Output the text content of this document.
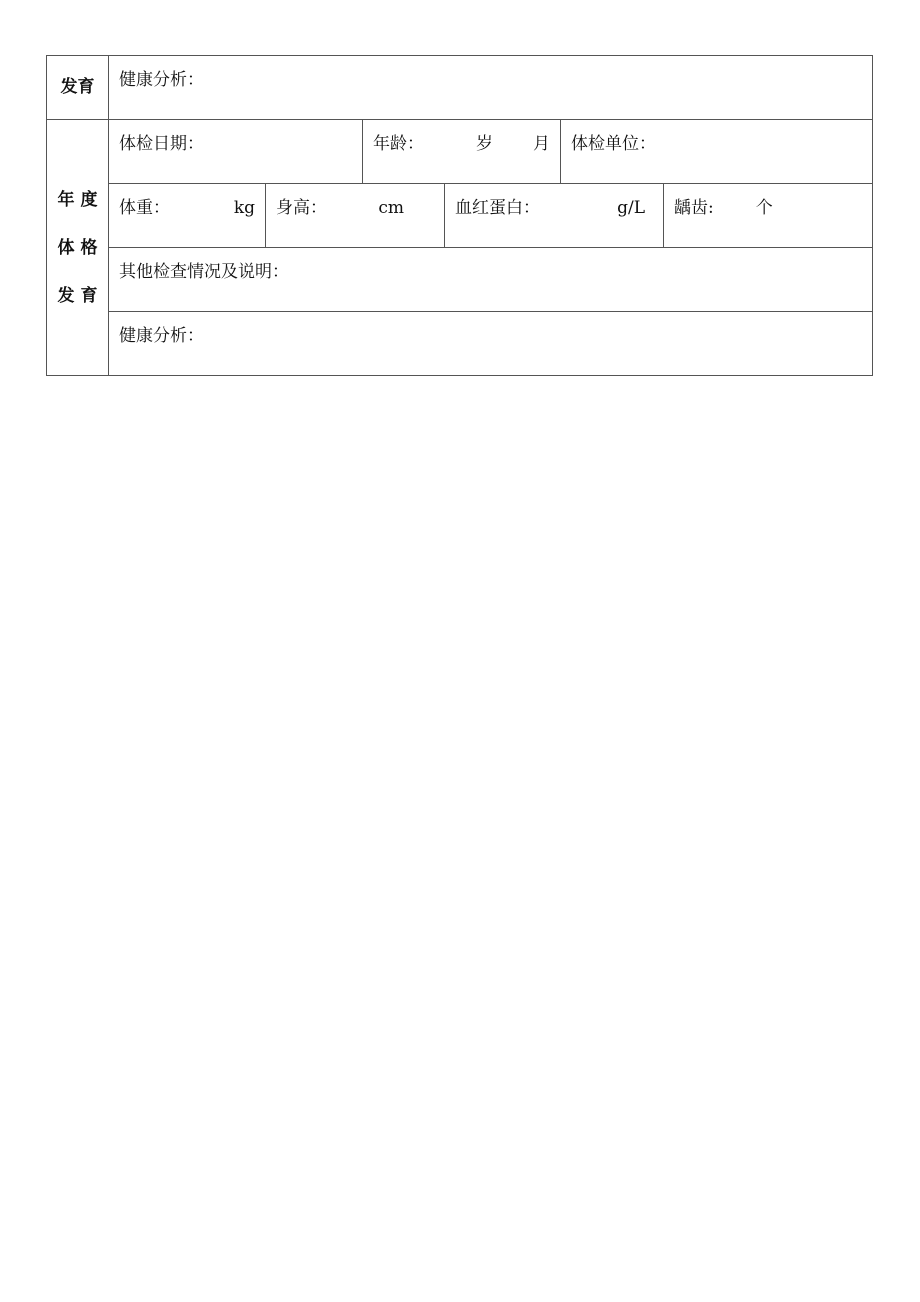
发育	健康分析：					

年度
体格
发育	体检日期：		年龄： 岁 月		体检单位：	

	体重： kg	身高： cm		血红蛋白： g/L		龋齿: 个

	其他检查情况及说明：					

	健康分析：					
